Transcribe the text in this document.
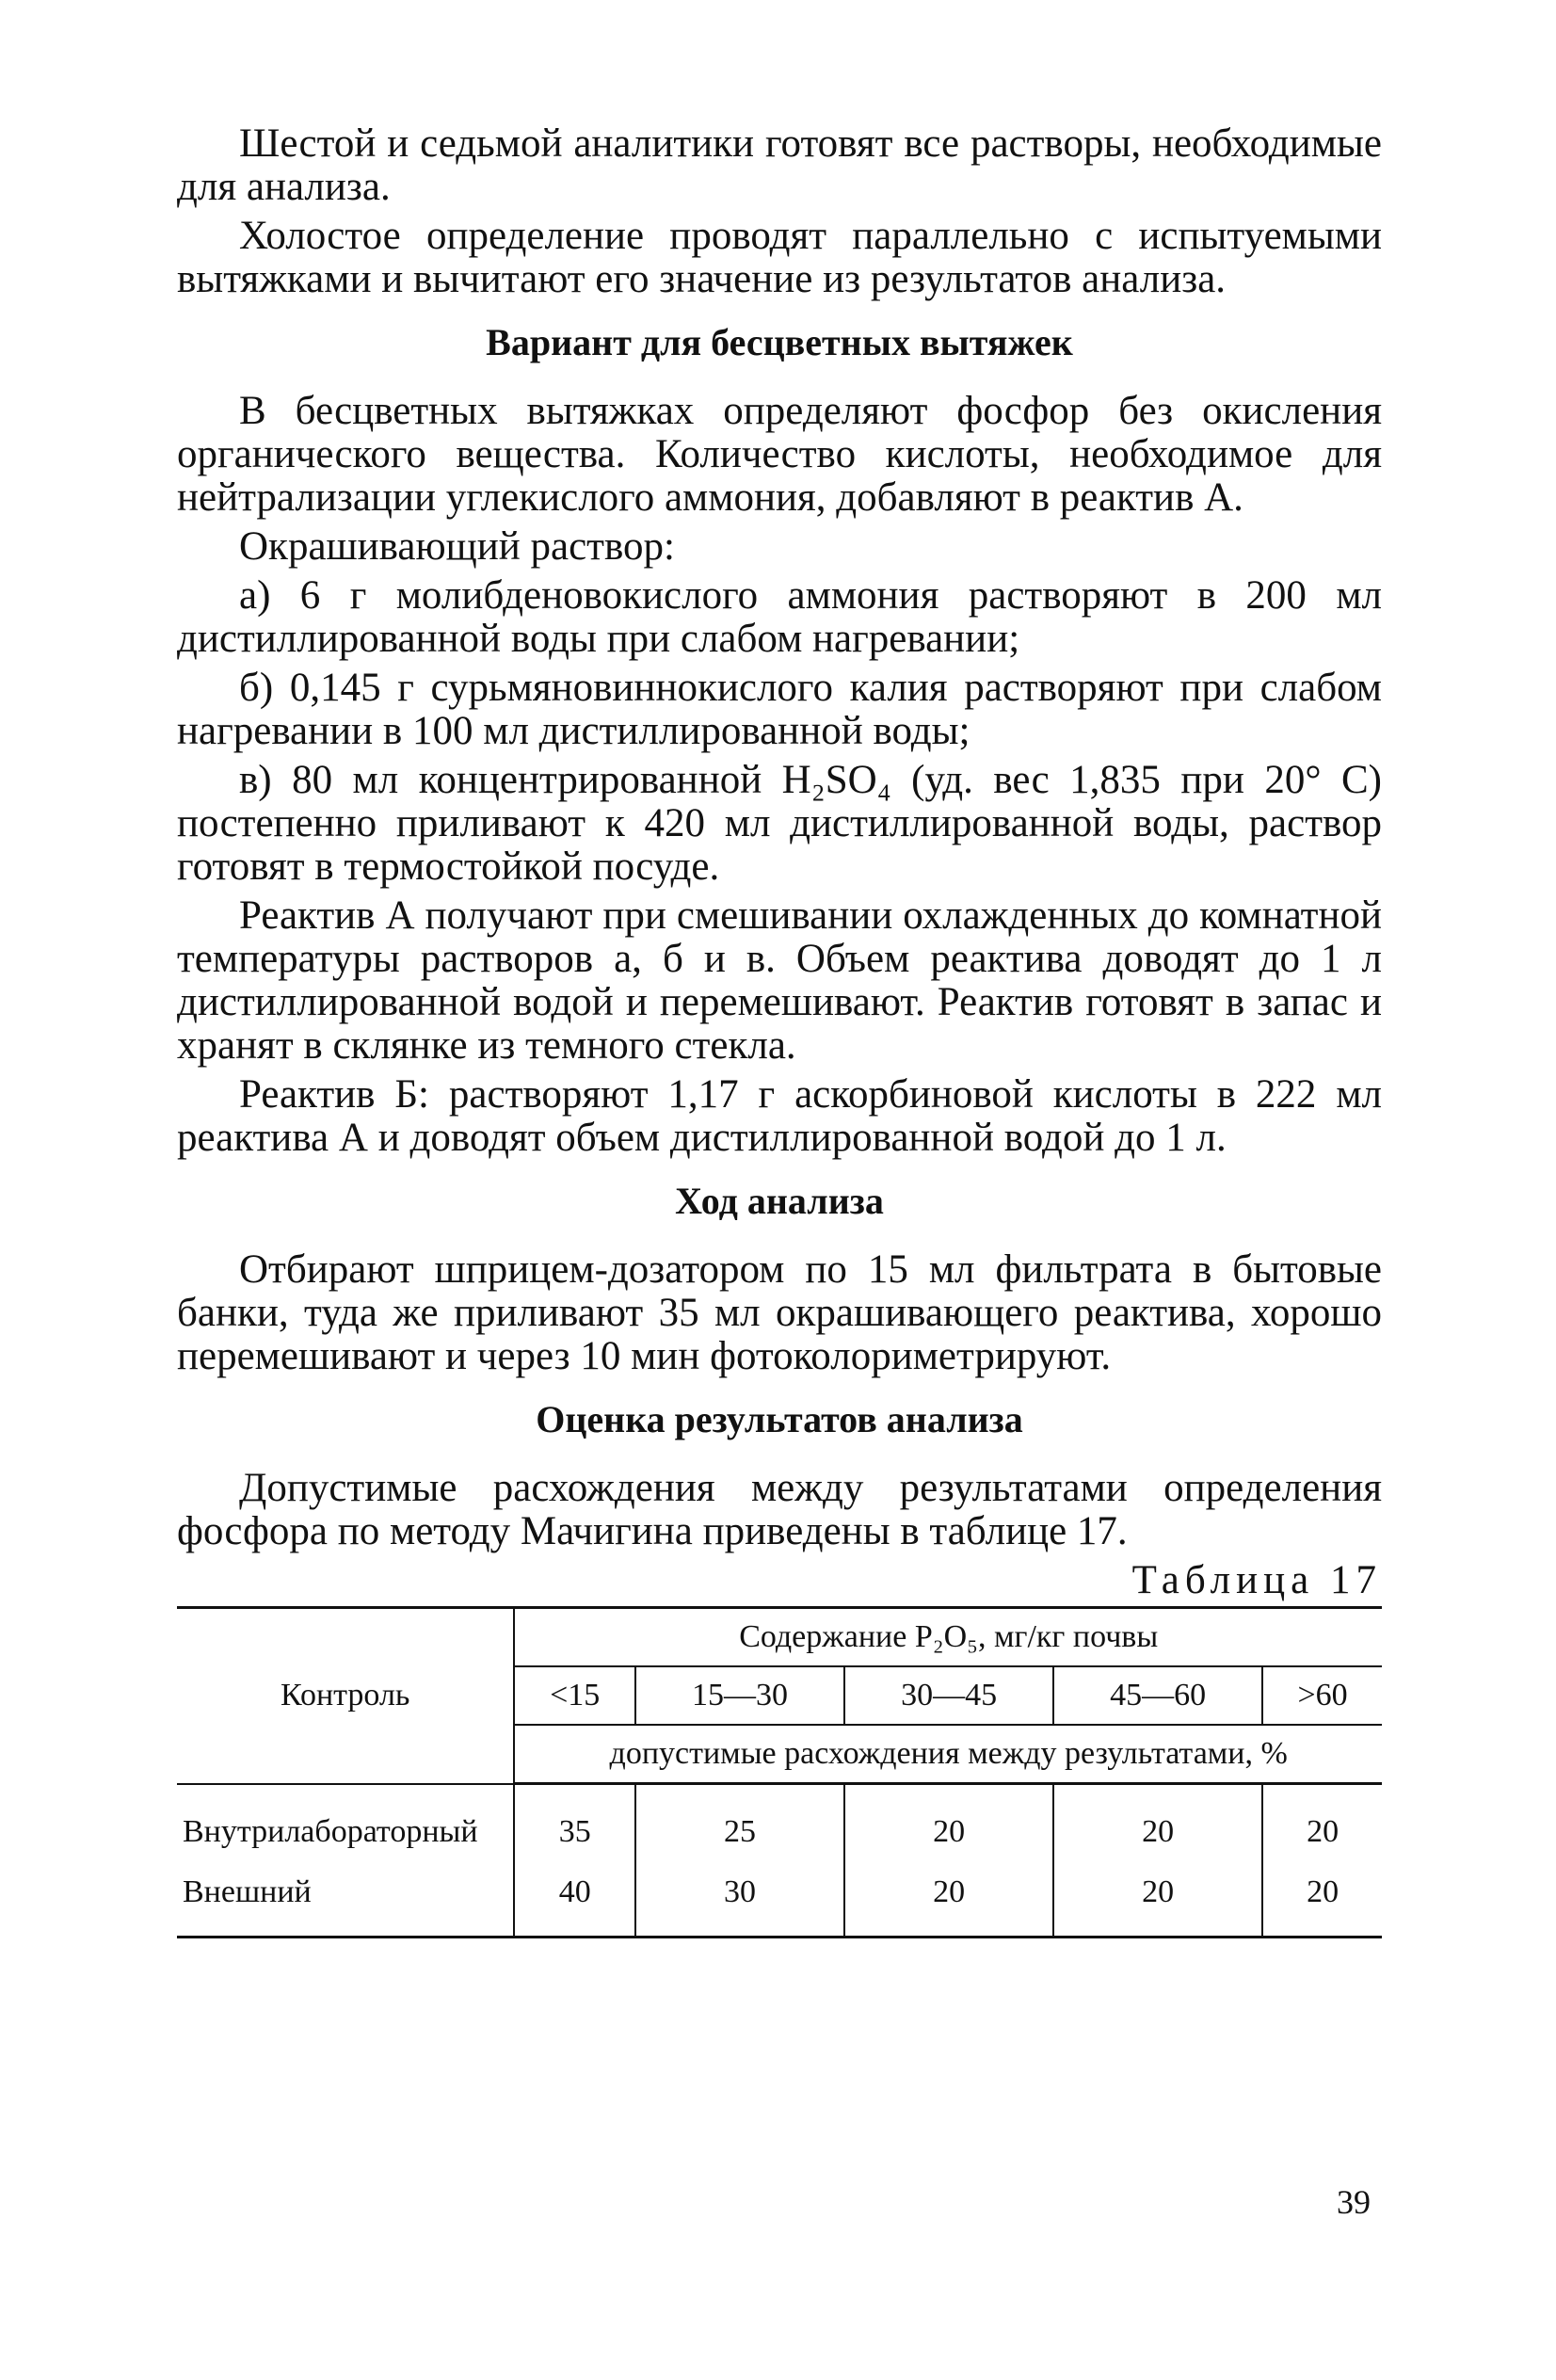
Шестой и седьмой аналитики готовят все растворы, необходимые для анализа.

Холостое определение проводят параллельно с испытуемыми вытяжками и вычитают его значение из результатов анализа.

Вариант для бесцветных вытяжек

В бесцветных вытяжках определяют фосфор без окисления органического вещества. Количество кислоты, необходимое для нейтрализации углекислого аммония, добавляют в реактив А.

Окрашивающий раствор:

а) 6 г молибденовокислого аммония растворяют в 200 мл дистиллированной воды при слабом нагревании;

б) 0,145 г сурьмяновиннокислого калия растворяют при слабом нагревании в 100 мл дистиллированной воды;

в) 80 мл концентрированной H₂SO₄ (уд. вес 1,835 при 20° С) постепенно приливают к 420 мл дистиллированной воды, раствор готовят в термостойкой посуде.

Реактив А получают при смешивании охлажденных до комнатной температуры растворов а, б и в. Объем реактива доводят до 1 л дистиллированной водой и перемешивают. Реактив готовят в запас и хранят в склянке из темного стекла.

Реактив Б: растворяют 1,17 г аскорбиновой кислоты в 222 мл реактива А и доводят объем дистиллированной водой до 1 л.

Ход анализа

Отбирают шприцем-дозатором по 15 мл фильтрата в бытовые банки, туда же приливают 35 мл окрашивающего реактива, хорошо перемешивают и через 10 мин фотоколориметрируют.

Оценка результатов анализа

Допустимые расхождения между результатами определения фосфора по методу Мачигина приведены в таблице 17.

Таблица 17

Контроль	Содержание P₂O₅, мг/кг почвы				
	<15	15—30	30—45	45—60	>60
	допустимые расхождения между результатами, %				
Внутрилабораторный	35	25	20	20	20
Внешний	40	30	20	20	20
39
